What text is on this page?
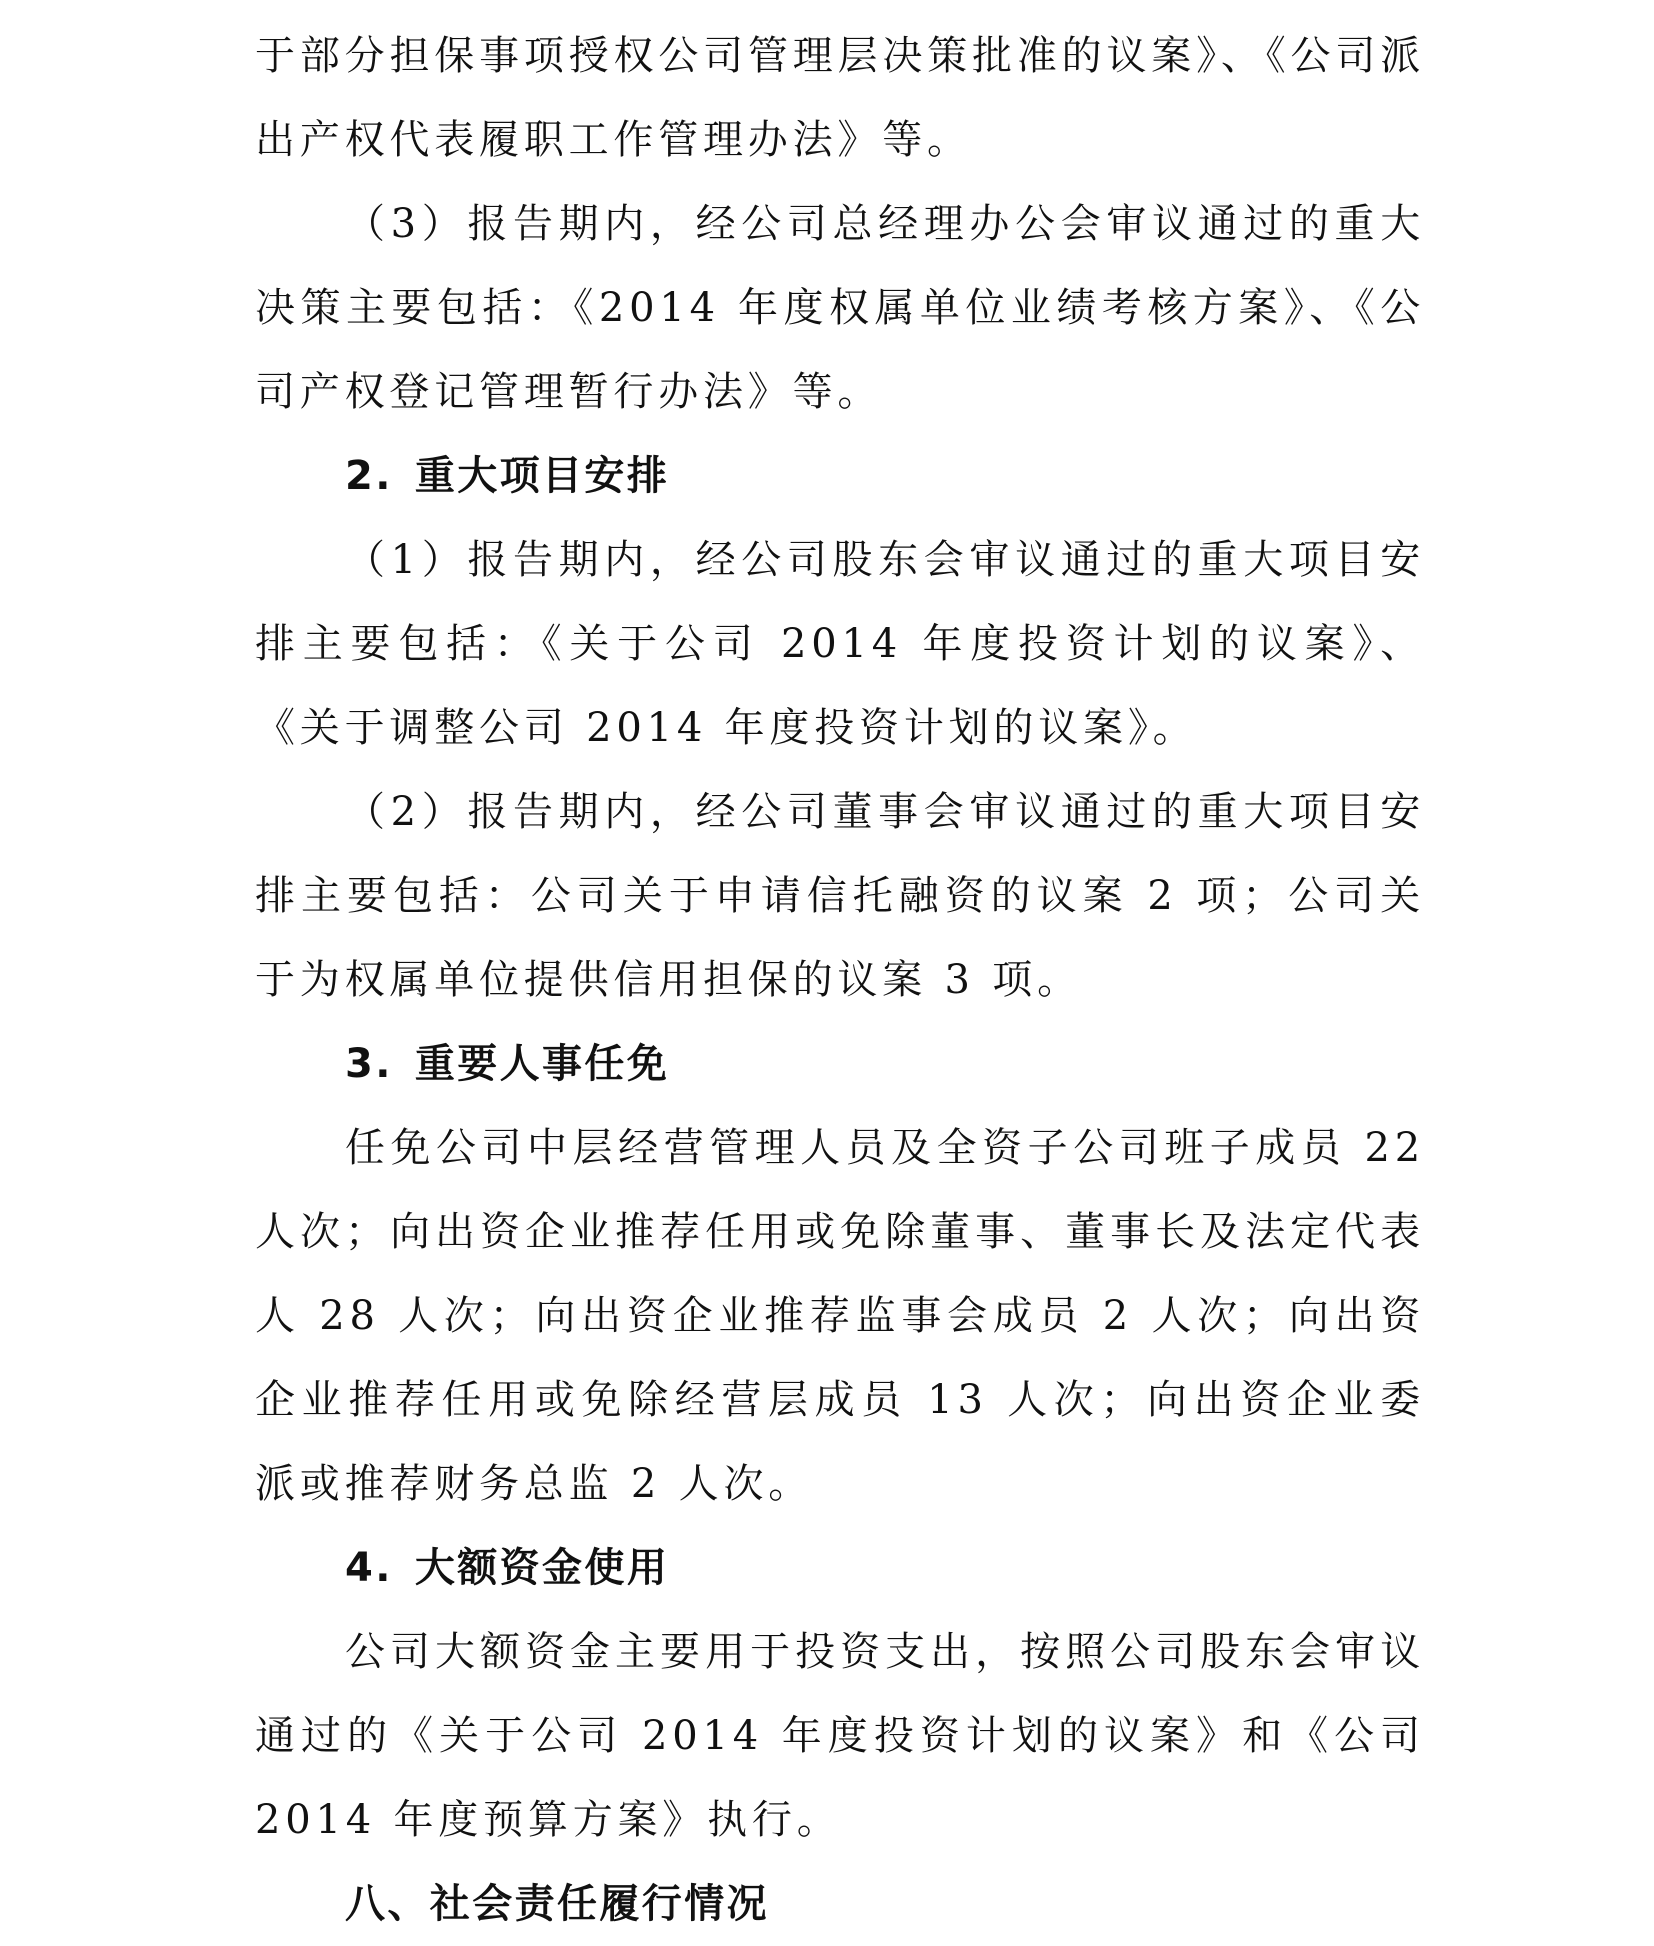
于部分担保事项授权公司管理层决策批准的议案》、《公司派出产权代表履职工作管理办法》等。

（3）报告期内，经公司总经理办公会审议通过的重大决策主要包括：《2014 年度权属单位业绩考核方案》、《公司产权登记管理暂行办法》等。

2. 重大项目安排

（1）报告期内，经公司股东会审议通过的重大项目安排主要包括：《关于公司 2014 年度投资计划的议案》、《关于调整公司 2014 年度投资计划的议案》。

（2）报告期内，经公司董事会审议通过的重大项目安排主要包括：公司关于申请信托融资的议案 2 项；公司关于为权属单位提供信用担保的议案 3 项。

3. 重要人事任免

任免公司中层经营管理人员及全资子公司班子成员 22 人次；向出资企业推荐任用或免除董事、董事长及法定代表人 28 人次；向出资企业推荐监事会成员 2 人次；向出资企业推荐任用或免除经营层成员 13 人次；向出资企业委派或推荐财务总监 2 人次。

4. 大额资金使用

公司大额资金主要用于投资支出，按照公司股东会审议通过的《关于公司 2014 年度投资计划的议案》和《公司 2014 年度预算方案》执行。

八、社会责任履行情况
